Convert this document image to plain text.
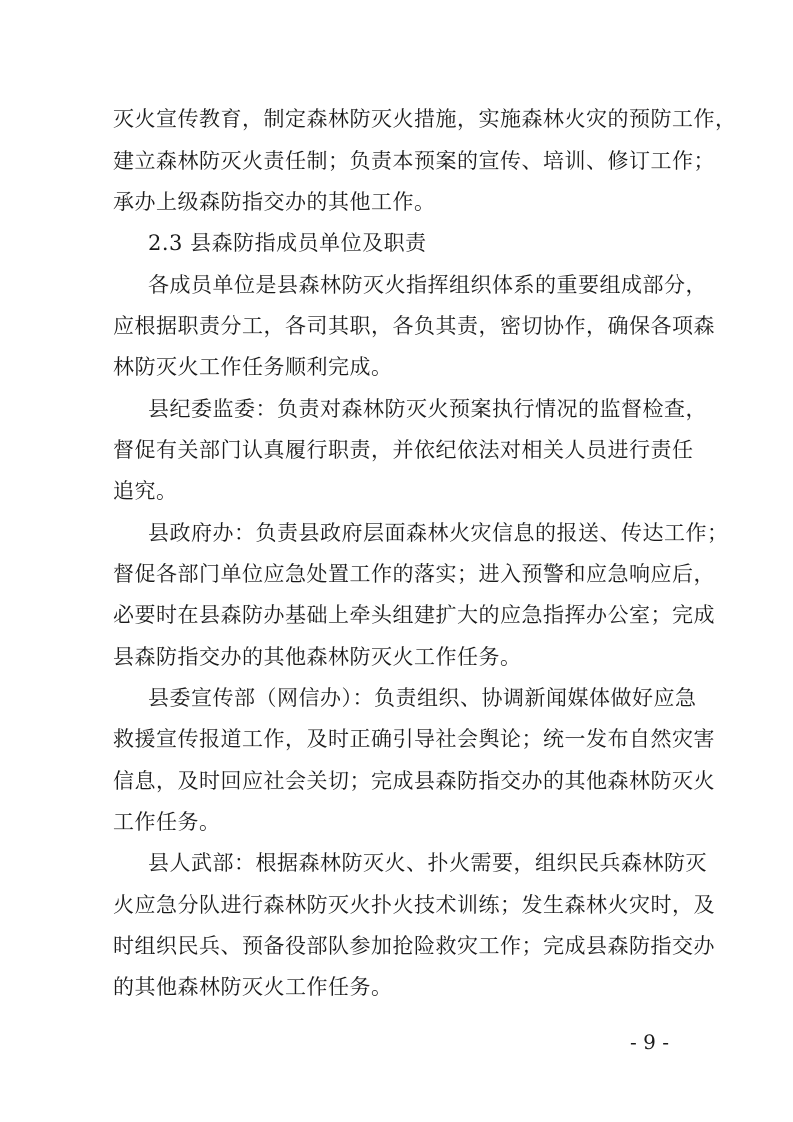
灭火宣传教育，制定森林防灭火措施，实施森林火灾的预防工作，
建立森林防灭火责任制；负责本预案的宣传、培训、修订工作；
承办上级森防指交办的其他工作。
2.3 县森防指成员单位及职责
各成员单位是县森林防灭火指挥组织体系的重要组成部分，
应根据职责分工，各司其职，各负其责，密切协作，确保各项森
林防灭火工作任务顺利完成。
县纪委监委：负责对森林防灭火预案执行情况的监督检查，
督促有关部门认真履行职责，并依纪依法对相关人员进行责任
追究。
县政府办：负责县政府层面森林火灾信息的报送、传达工作；
督促各部门单位应急处置工作的落实；进入预警和应急响应后，
必要时在县森防办基础上牵头组建扩大的应急指挥办公室；完成
县森防指交办的其他森林防灭火工作任务。
县委宣传部（网信办）：负责组织、协调新闻媒体做好应急
救援宣传报道工作，及时正确引导社会舆论；统一发布自然灾害
信息，及时回应社会关切；完成县森防指交办的其他森林防灭火
工作任务。
县人武部：根据森林防灭火、扑火需要，组织民兵森林防灭
火应急分队进行森林防灭火扑火技术训练；发生森林火灾时，及
时组织民兵、预备役部队参加抢险救灾工作；完成县森防指交办
的其他森林防灭火工作任务。
- 9 -
